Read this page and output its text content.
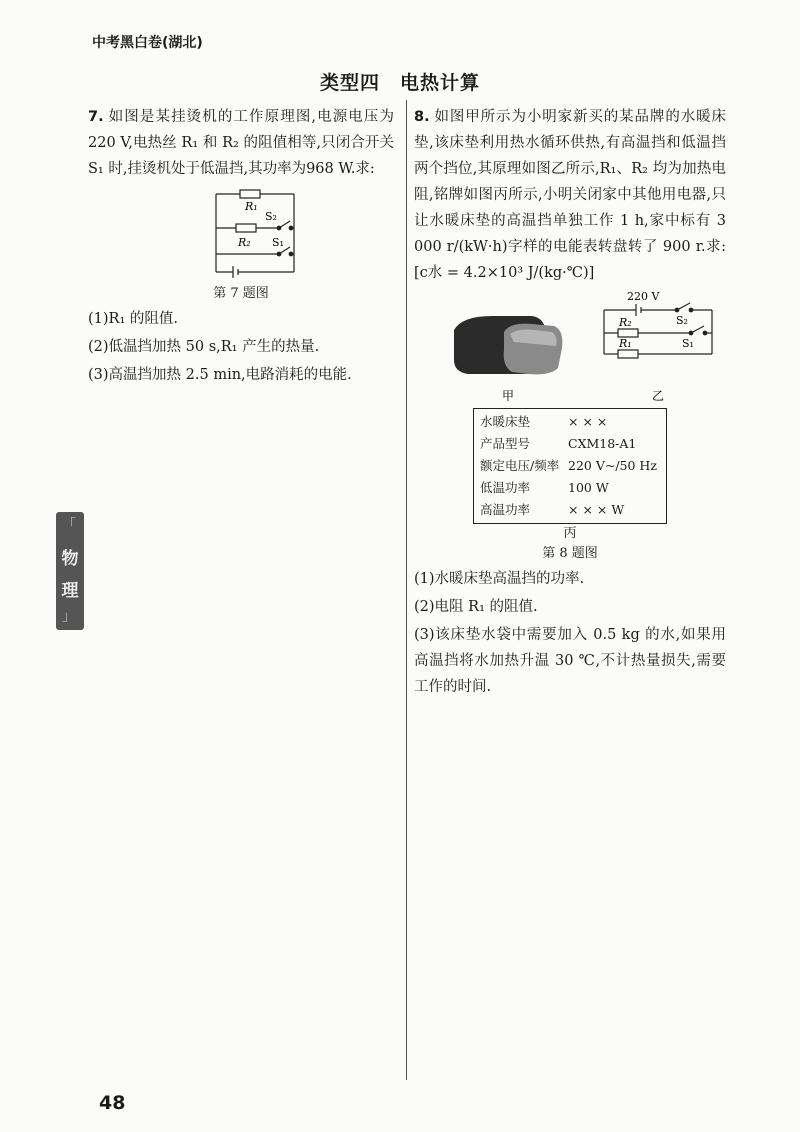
中考黑白卷(湖北)
类型四　电热计算
7. 如图是某挂烫机的工作原理图,电源电压为220 V,电热丝 R₁ 和 R₂ 的阻值相等,只闭合开关 S₁ 时,挂烫机处于低温挡,其功率为968 W.求:
R₁
S₂
R₂ S₁
第 7 题图
(1)R₁ 的阻值.
(2)低温挡加热 50 s,R₁ 产生的热量.
(3)高温挡加热 2.5 min,电路消耗的电能.
8. 如图甲所示为小明家新买的某品牌的水暖床垫,该床垫利用热水循环供热,有高温挡和低温挡两个挡位,其原理如图乙所示,R₁、R₂ 均为加热电阻,铭牌如图丙所示,小明关闭家中其他用电器,只让水暖床垫的高温挡单独工作 1 h,家中标有 3 000 r/(kW·h)字样的电能表转盘转了 900 r.求:[c水 = 4.2×10³ J/(kg·℃)]
220 V
S₂
R₂
S₁
R₁
甲	乙
水暖床垫	× × ×
产品型号	CXM18-A1
额定电压/频率 220 V~/50 Hz
低温功率	100 W
高温功率	× × × W
丙
第 8 题图
(1)水暖床垫高温挡的功率.
(2)电阻 R₁ 的阻值.
(3)该床垫水袋中需要加入 0.5 kg 的水,如果用高温挡将水加热升温 30 ℃,不计热量损失,需要工作的时间.
「
物
理
」
48
